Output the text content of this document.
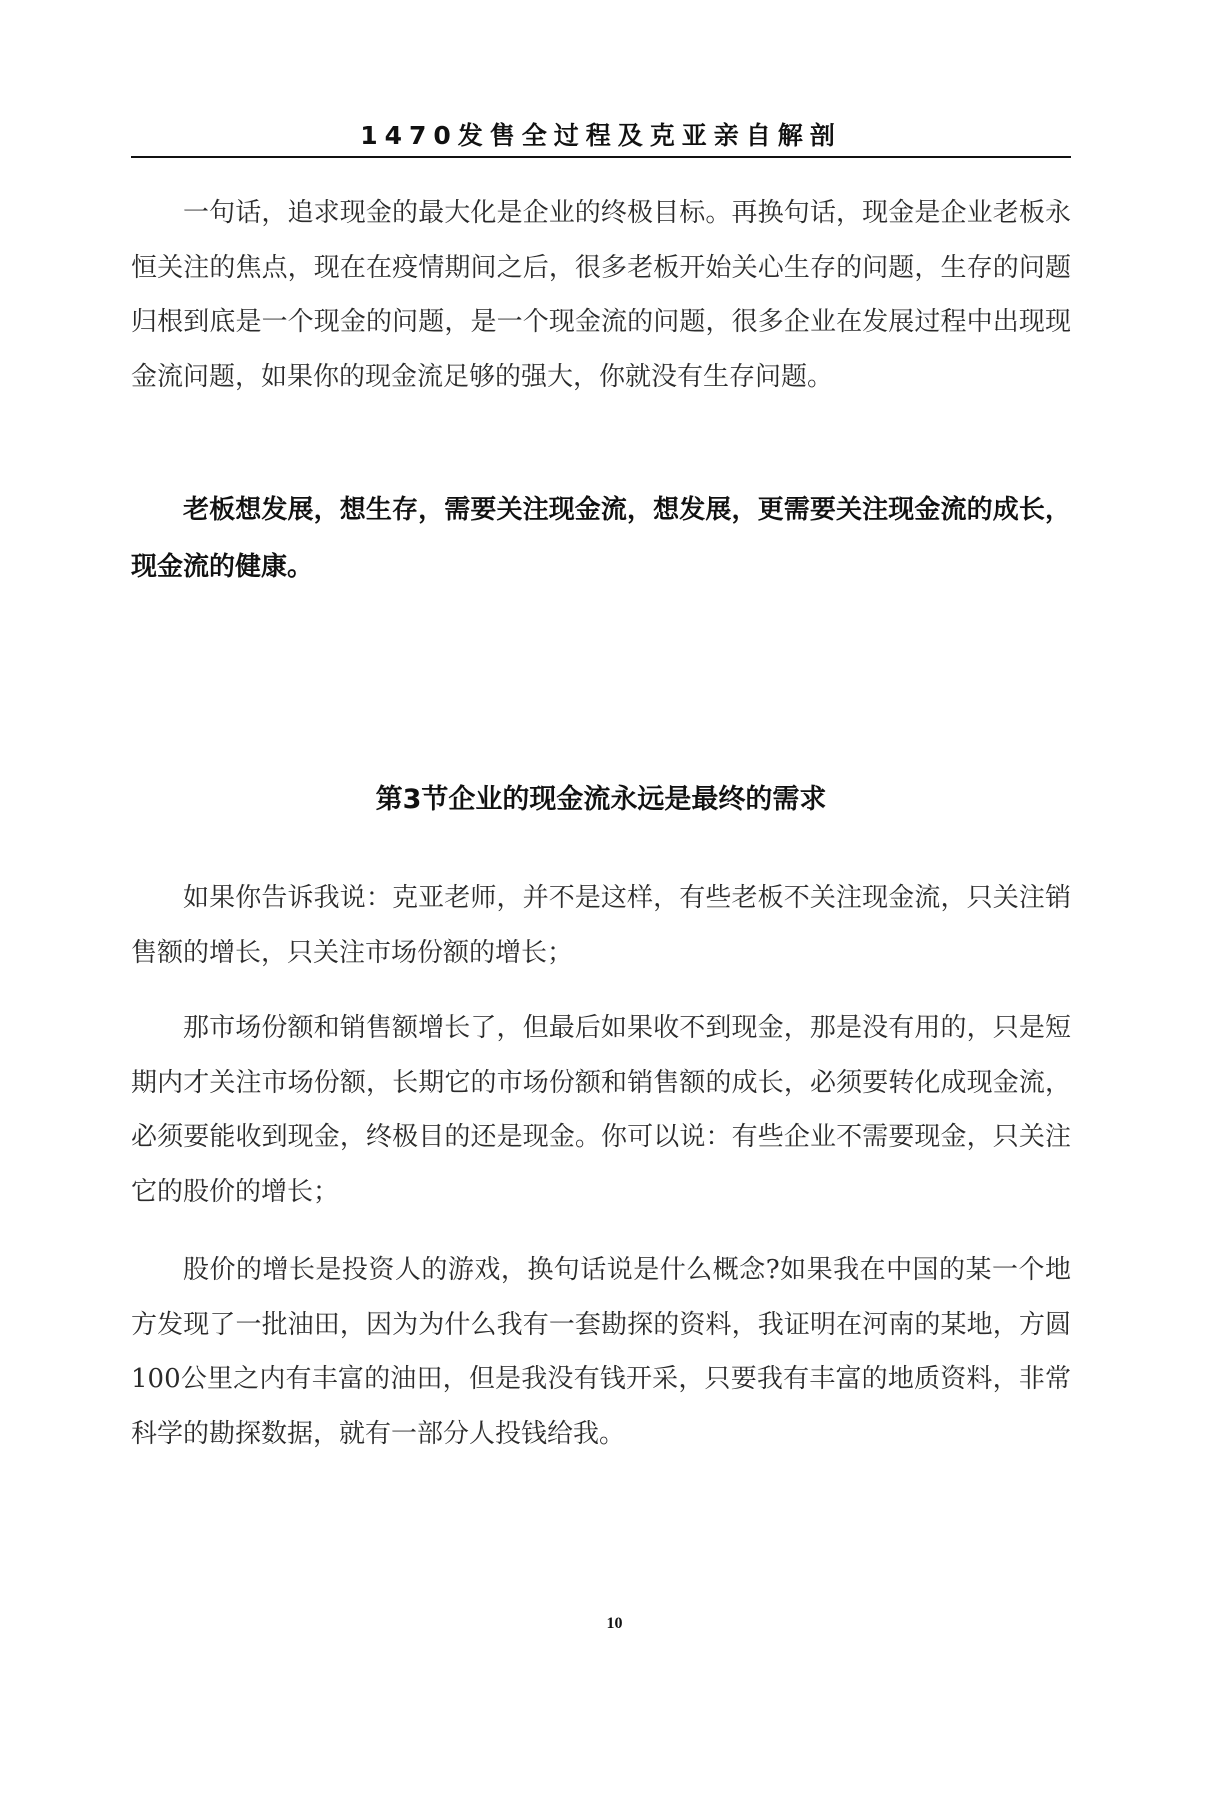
1470发售全过程及克亚亲自解剖

一句话，追求现金的最大化是企业的终极目标。再换句话，现金是企业老板永恒关注的焦点，现在在疫情期间之后，很多老板开始关心生存的问题，生存的问题归根到底是一个现金的问题，是一个现金流的问题，很多企业在发展过程中出现现金流问题，如果你的现金流足够的强大，你就没有生存问题。

老板想发展，想生存，需要关注现金流，想发展，更需要关注现金流的成长，现金流的健康。

第3节企业的现金流永远是最终的需求

如果你告诉我说：克亚老师，并不是这样，有些老板不关注现金流，只关注销售额的增长，只关注市场份额的增长；

那市场份额和销售额增长了，但最后如果收不到现金，那是没有用的，只是短期内才关注市场份额，长期它的市场份额和销售额的成长，必须要转化成现金流，必须要能收到现金，终极目的还是现金。你可以说：有些企业不需要现金，只关注它的股价的增长；

股价的增长是投资人的游戏，换句话说是什么概念?如果我在中国的某一个地方发现了一批油田，因为为什么我有一套勘探的资料，我证明在河南的某地，方圆100公里之内有丰富的油田，但是我没有钱开采，只要我有丰富的地质资料，非常科学的勘探数据，就有一部分人投钱给我。

10
